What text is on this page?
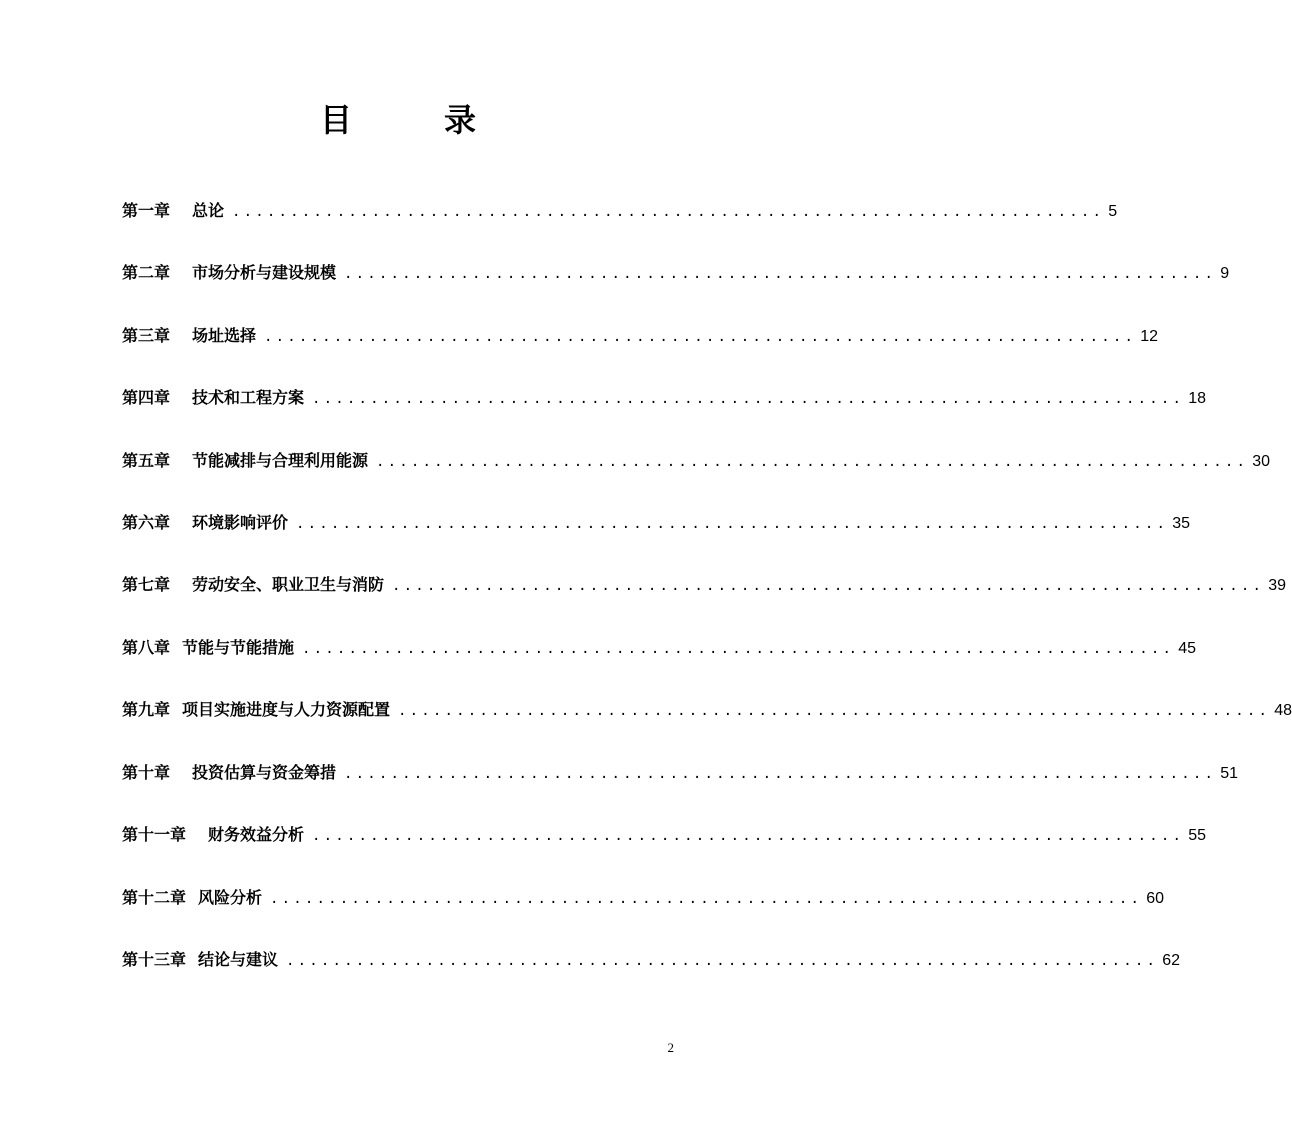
目	录
第一章 总论 ........................................................................... 5
第二章 市场分析与建设规模 ........................................................................... 9
第三章 场址选择 ........................................................................... 12
第四章 技术和工程方案 ........................................................................... 18
第五章 节能减排与合理利用能源 ........................................................................... 30
第六章 环境影响评价 ........................................................................... 35
第七章 劳动安全、职业卫生与消防 ........................................................................... 39
第八章 节能与节能措施 ........................................................................... 45
第九章 项目实施进度与人力资源配置 ........................................................................... 48
第十章 投资估算与资金筹措 ........................................................................... 51
第十一章 财务效益分析 ........................................................................... 55
第十二章 风险分析 ........................................................................... 60
第十三章 结论与建议 ........................................................................... 62
2
